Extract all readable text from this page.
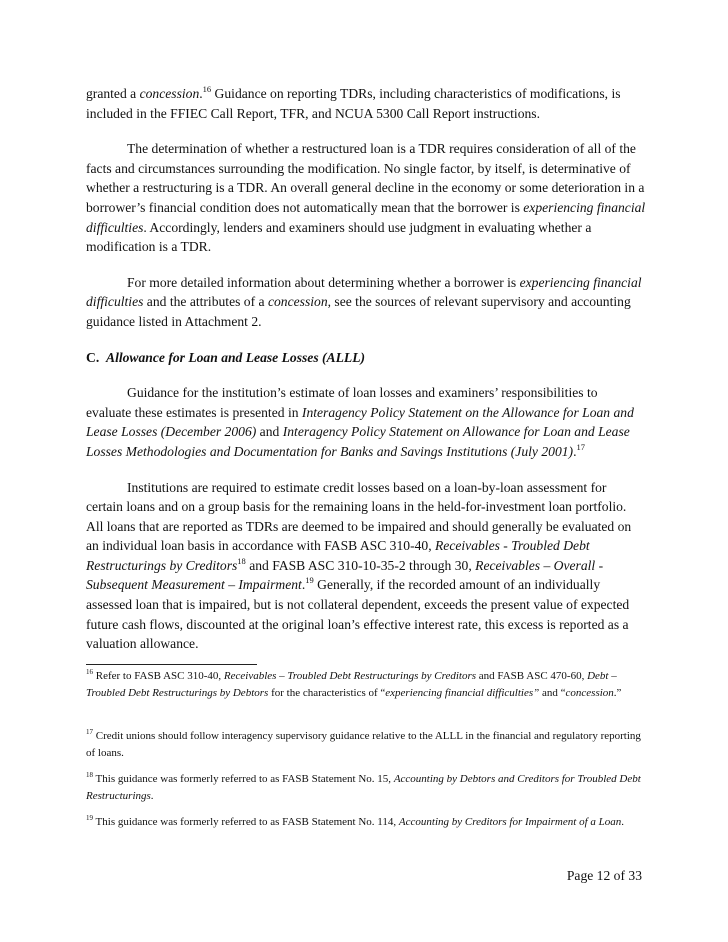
granted a concession.$^{16}$ Guidance on reporting TDRs, including characteristics of modifications, is included in the FFIEC Call Report, TFR, and NCUA 5300 Call Report instructions.

The determination of whether a restructured loan is a TDR requires consideration of all of the facts and circumstances surrounding the modification. No single factor, by itself, is determinative of whether a restructuring is a TDR. An overall general decline in the economy or some deterioration in a borrower’s financial condition does not automatically mean that the borrower is experiencing financial difficulties. Accordingly, lenders and examiners should use judgment in evaluating whether a modification is a TDR.

For more detailed information about determining whether a borrower is experiencing financial difficulties and the attributes of a concession, see the sources of relevant supervisory and accounting guidance listed in Attachment 2.

C. Allowance for Loan and Lease Losses (ALLL)

Guidance for the institution’s estimate of loan losses and examiners’ responsibilities to evaluate these estimates is presented in Interagency Policy Statement on the Allowance for Loan and Lease Losses (December 2006) and Interagency Policy Statement on Allowance for Loan and Lease Losses Methodologies and Documentation for Banks and Savings Institutions (July 2001).$^{17}$

Institutions are required to estimate credit losses based on a loan-by-loan assessment for certain loans and on a group basis for the remaining loans in the held-for-investment loan portfolio. All loans that are reported as TDRs are deemed to be impaired and should generally be evaluated on an individual loan basis in accordance with FASB ASC 310-40, Receivables - Troubled Debt Restructurings by Creditors$^{18}$ and FASB ASC 310-10-35-2 through 30, Receivables – Overall - Subsequent Measurement – Impairment.$^{19}$ Generally, if the recorded amount of an individually assessed loan that is impaired, but is not collateral dependent, exceeds the present value of expected future cash flows, discounted at the original loan’s effective interest rate, this excess is reported as a valuation allowance.

$^{16}$ Refer to FASB ASC 310-40, Receivables – Troubled Debt Restructurings by Creditors and FASB ASC 470-60, Debt – Troubled Debt Restructurings by Debtors for the characteristics of “experiencing financial difficulties” and “concession.”
$^{17}$ Credit unions should follow interagency supervisory guidance relative to the ALLL in the financial and regulatory reporting of loans.
$^{18}$ This guidance was formerly referred to as FASB Statement No. 15, Accounting by Debtors and Creditors for Troubled Debt Restructurings.
$^{19}$ This guidance was formerly referred to as FASB Statement No. 114, Accounting by Creditors for Impairment of a Loan.
Page 12 of 33
